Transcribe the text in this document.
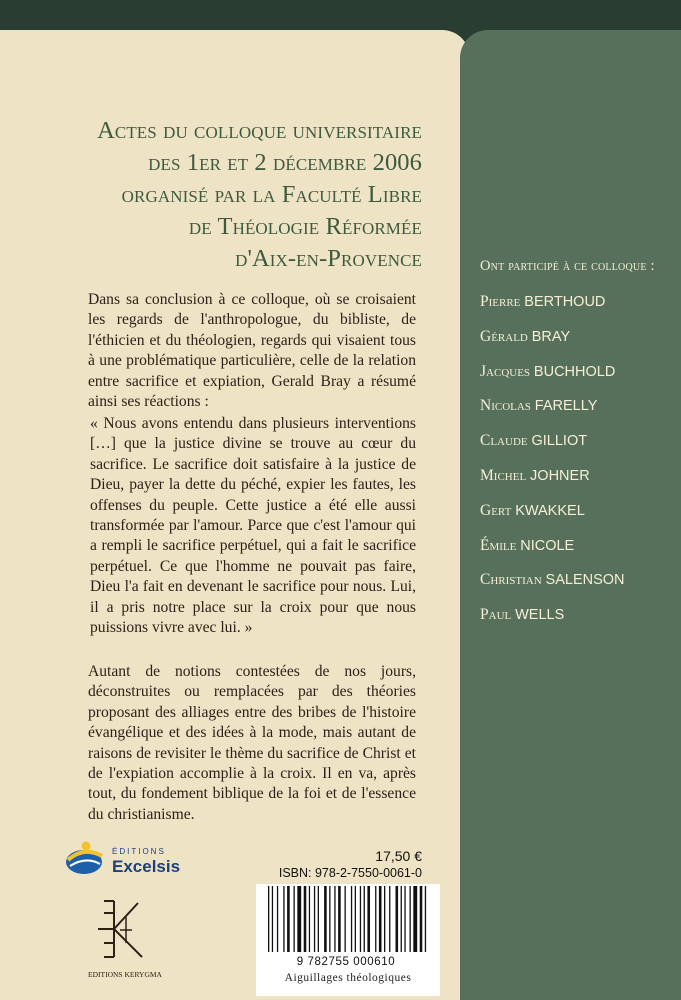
Actes du colloque universitaire
des 1er et 2 décembre 2006
organisé par la Faculté Libre
de Théologie Réformée
d'Aix-en-Provence

Dans sa conclusion à ce colloque, où se croisaient les regards de l'anthropologue, du bibliste, de l'éthicien et du théologien, regards qui visaient tous à une problématique particulière, celle de la relation entre sacrifice et expiation, Gerald Bray a résumé ainsi ses réactions :

« Nous avons entendu dans plusieurs interventions […] que la justice divine se trouve au cœur du sacrifice. Le sacrifice doit satisfaire à la justice de Dieu, payer la dette du péché, expier les fautes, les offenses du peuple. Cette justice a été elle aussi transformée par l'amour. Parce que c'est l'amour qui a rempli le sacrifice perpétuel, qui a fait le sacrifice perpétuel. Ce que l'homme ne pouvait pas faire, Dieu l'a fait en devenant le sacrifice pour nous. Lui, il a pris notre place sur la croix pour que nous puissions vivre avec lui. »

Autant de notions contestées de nos jours, déconstruites ou remplacées par des théories proposant des alliages entre des bribes de l'histoire évangélique et des idées à la mode, mais autant de raisons de revisiter le thème du sacrifice de Christ et de l'expiation accomplie à la croix. Il en va, après tout, du fondement biblique de la foi et de l'essence du christianisme.

Ont participé à ce colloque :
Pierre BERTHOUD
Gérald BRAY
Jacques BUCHHOLD
Nicolas FARELLY
Claude GILLIOT
Michel JOHNER
Gert KWAKKEL
Émile NICOLE
Christian SALENSON
Paul WELLS
ÉDITIONS
Excelsis
EDITIONS KERYGMA
17,50 €
ISBN: 978-2-7550-0061-0
9 782755 000610
Aiguillages théologiques
